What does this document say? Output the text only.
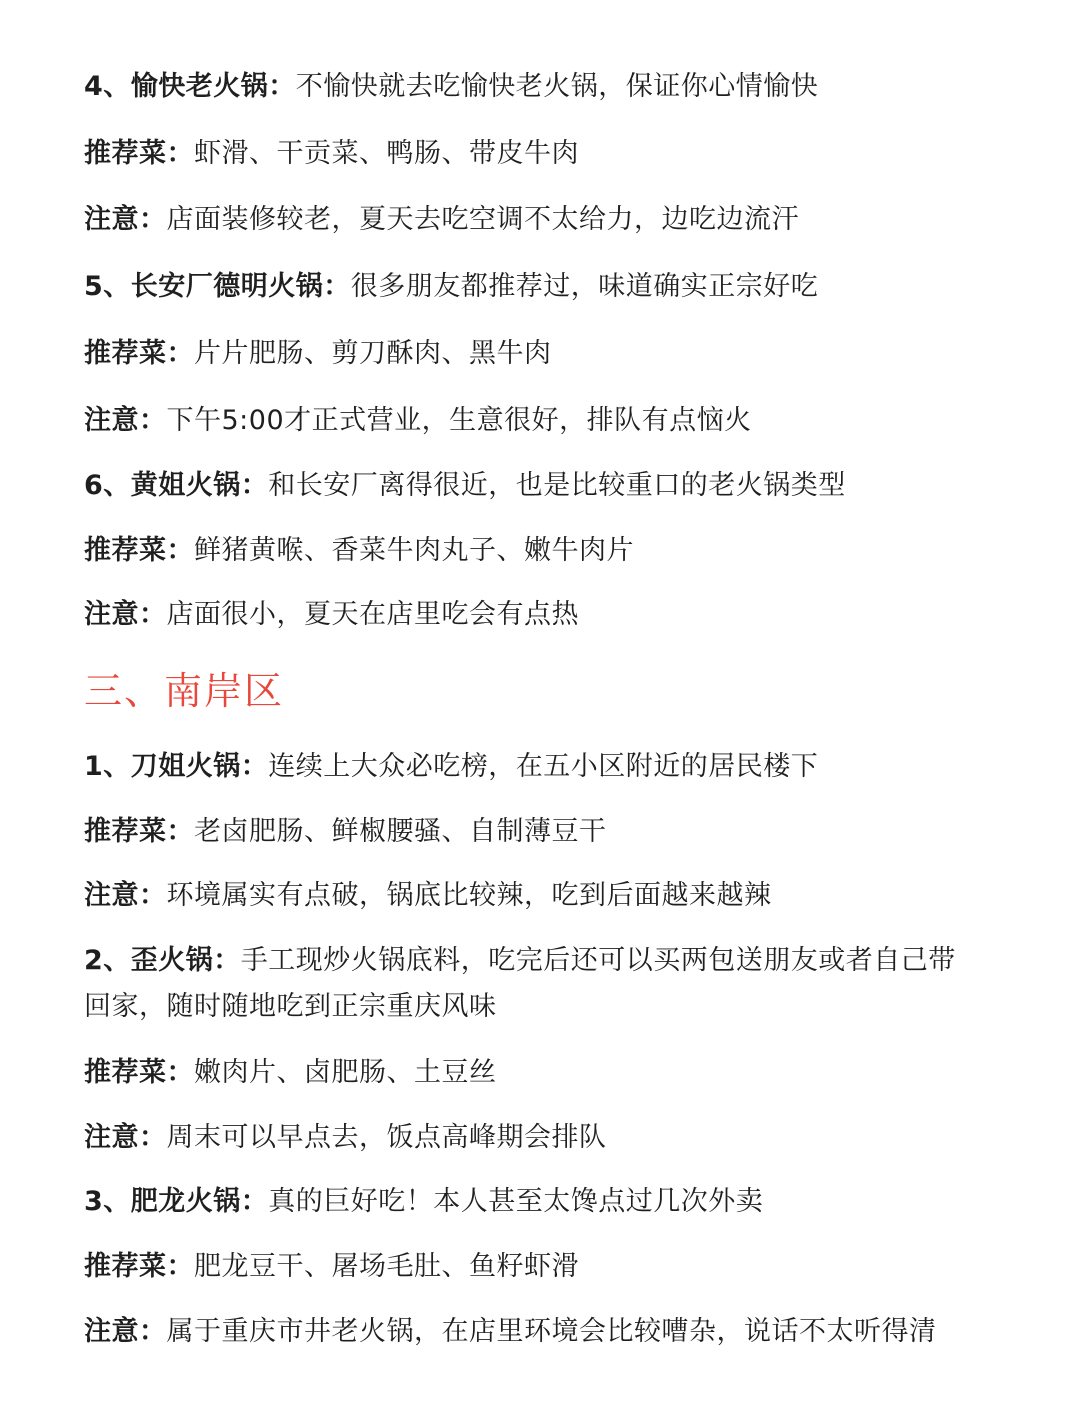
4、愉快老火锅：不愉快就去吃愉快老火锅，保证你心情愉快
推荐菜：虾滑、干贡菜、鸭肠、带皮牛肉
注意：店面装修较老，夏天去吃空调不太给力，边吃边流汗
5、长安厂德明火锅：很多朋友都推荐过，味道确实正宗好吃
推荐菜：片片肥肠、剪刀酥肉、黑牛肉
注意：下午5:00才正式营业，生意很好，排队有点恼火
6、黄姐火锅：和长安厂离得很近，也是比较重口的老火锅类型
推荐菜：鲜猪黄喉、香菜牛肉丸子、嫩牛肉片
注意：店面很小，夏天在店里吃会有点热
三、南岸区
1、刀姐火锅：连续上大众必吃榜，在五小区附近的居民楼下
推荐菜：老卤肥肠、鲜椒腰骚、自制薄豆干
注意：环境属实有点破，锅底比较辣，吃到后面越来越辣
2、歪火锅：手工现炒火锅底料，吃完后还可以买两包送朋友或者自己带回家，随时随地吃到正宗重庆风味
推荐菜：嫩肉片、卤肥肠、土豆丝
注意：周末可以早点去，饭点高峰期会排队
3、肥龙火锅：真的巨好吃！本人甚至太馋点过几次外卖
推荐菜：肥龙豆干、屠场毛肚、鱼籽虾滑
注意：属于重庆市井老火锅，在店里环境会比较嘈杂，说话不太听得清
